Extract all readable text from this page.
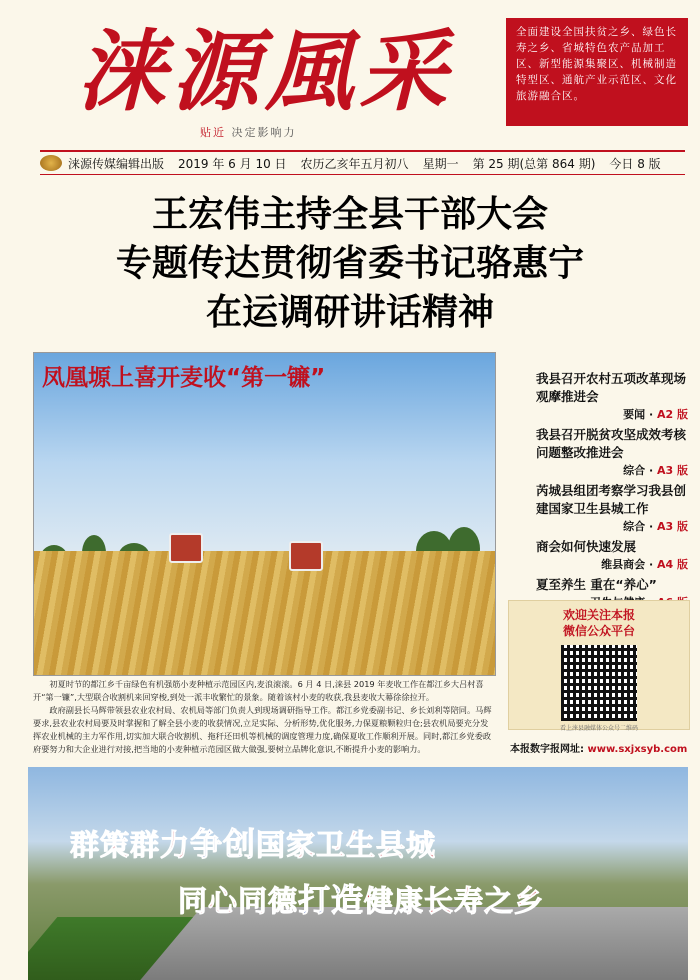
涞源風采
贴近 决定影响力
全面建设全国扶贫之乡、绿色长寿之乡、省城特色农产品加工区、新型能源集聚区、机械制造特型区、通航产业示范区、文化旅游融合区。
涞源传媒编辑出版 2019 年 6 月 10 日 农历乙亥年五月初八 星期一 第 25 期(总第 864 期) 今日 8 版
王宏伟主持全县干部大会
专题传达贯彻省委书记骆惠宁
在运调研讲话精神
凤凰塬上喜开麦收“第一镰”
初夏时节的都江乡千亩绿色有机强筋小麦种植示范园区内,麦浪滚滚。6 月 4 日,涞县 2019 年麦收工作在都江乡大吕村喜开“第一镰”,大型联合收割机来回穿梭,到处一派丰收繁忙的景象。随着该村小麦的收获,我县麦收大幕徐徐拉开。
政府副县长马辉带领县农业农村局、农机局等部门负责人到现场调研指导工作。都江乡党委副书记、乡长刘利等陪同。马辉要求,县农业农村局要及时掌握和了解全县小麦的收获情况,立足实际、分析形势,优化服务,力保夏粮颗粒归仓;县农机局要充分发挥农业机械的主力军作用,切实加大联合收割机、拖秆还田机等机械的调度管理力度,确保夏收工作顺利开展。同时,都江乡党委政府要努力和大企业进行对接,把当地的小麦种植示范园区做大做强,要树立品牌化意识,不断提升小麦的影响力。
我县召开农村五项改革现场观摩推进会
要闻 · A2 版
我县召开脱贫攻坚成效考核问题整改推进会
综合 · A3 版
芮城县组团考察学习我县创建国家卫生县城工作
综合 · A3 版
商会如何快速发展
维县商会 · A4 版
夏至养生 重在“养心”
欢迎关注本报
微信公众平台
看上涞县融媒体公众号二维码
本报数字报网址: www.sxjxsyb.com
群策群力争创国家卫生县城
同心同德打造健康长寿之乡
